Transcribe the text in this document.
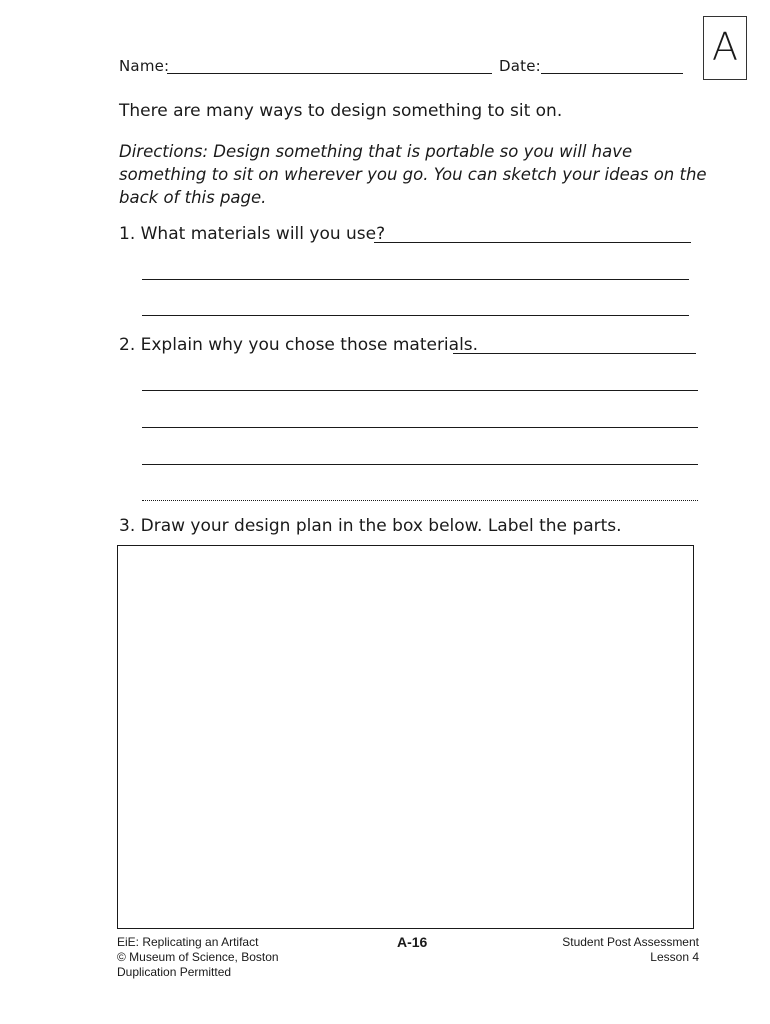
Name:	Date:	A
There are many ways to design something to sit on.
Directions: Design something that is portable so you will have something to sit on wherever you go. You can sketch your ideas on the back of this page.
1. What materials will you use?
2. Explain why you chose those materials.
3. Draw your design plan in the box below. Label the parts.
EiE: Replicating an Artifact
© Museum of Science, Boston
Duplication Permitted
A-16	Student Post Assessment
Lesson 4
